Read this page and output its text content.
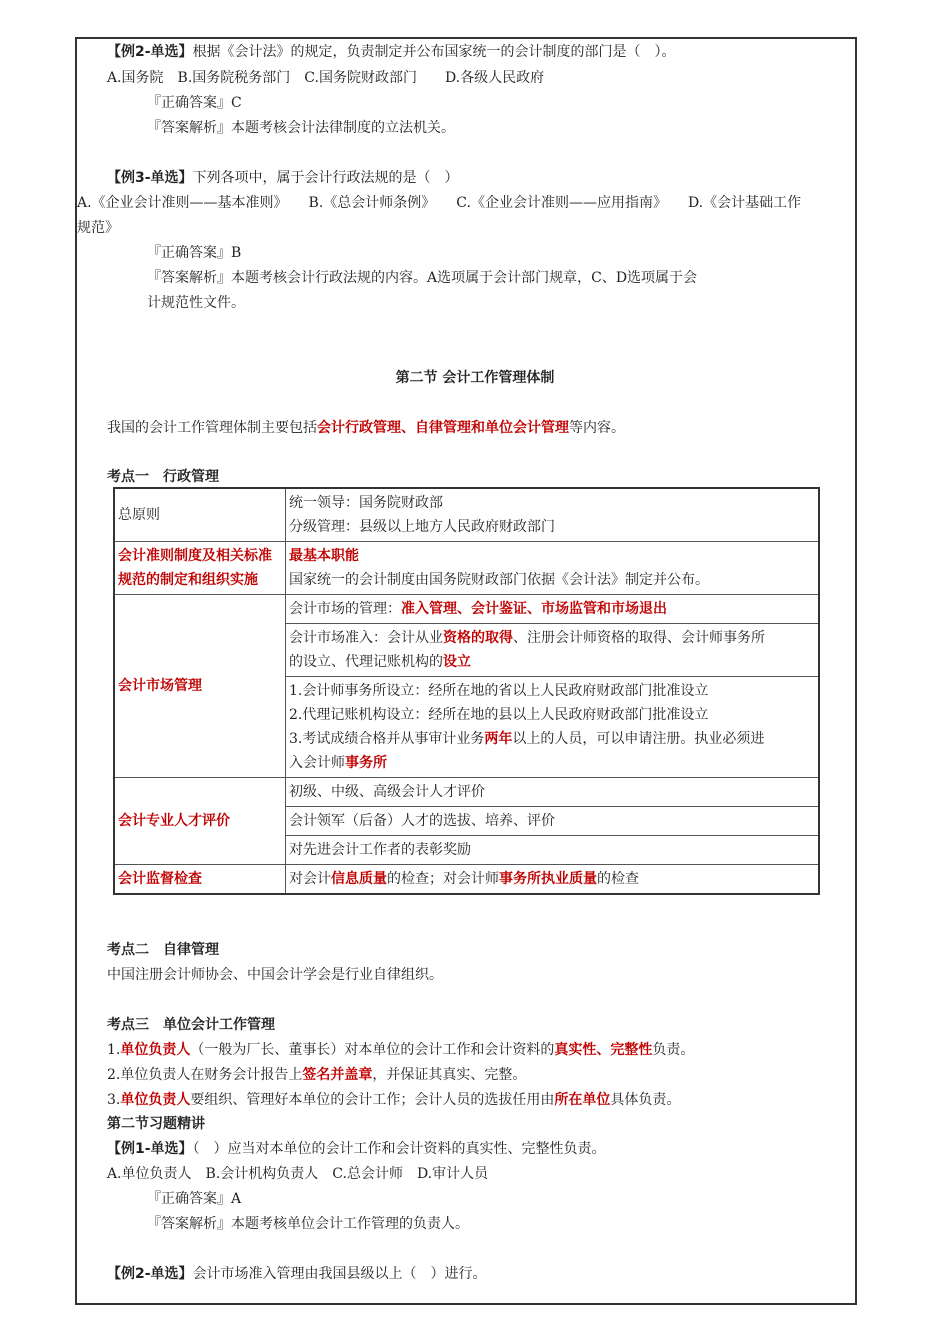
【例2-单选】根据《会计法》的规定，负责制定并公布国家统一的会计制度的部门是（　）。
A.国务院　B.国务院税务部门　C.国务院财政部门　　D.各级人民政府
『正确答案』C
『答案解析』本题考核会计法律制度的立法机关。
【例3-单选】下列各项中，属于会计行政法规的是（　）
A.《企业会计准则——基本准则》　　B.《总会计师条例》　　C.《企业会计准则——应用指南》　　D.《会计基础工作
规范》
『正确答案』B
『答案解析』本题考核会计行政法规的内容。A选项属于会计部门规章，C、D选项属于会
计规范性文件。
第二节 会计工作管理体制
我国的会计工作管理体制主要包括会计行政管理、自律管理和单位会计管理等内容。
考点一　行政管理
总原则	统一领导：国务院财政部
分级管理：县级以上地方人民政府财政部门

会计准则制度及相关标准规范的制定和组织实施	最基本职能
国家统一的会计制度由国务院财政部门依据《会计法》制定并公布。

会计市场管理	会计市场的管理：准入管理、会计鉴证、市场监管和市场退出

	会计市场准入：会计从业资格的取得、注册会计师资格的取得、会计师事务所
的设立、代理记账机构的设立

	1.会计师事务所设立：经所在地的省以上人民政府财政部门批准设立
2.代理记账机构设立：经所在地的县以上人民政府财政部门批准设立
3.考试成绩合格并从事审计业务两年以上的人员，可以申请注册。执业必须进
入会计师事务所

会计专业人才评价	初级、中级、高级会计人才评价
	会计领军（后备）人才的选拔、培养、评价
	对先进会计工作者的表彰奖励
会计监督检查	对会计信息质量的检查；对会计师事务所执业质量的检查
考点二　自律管理
中国注册会计师协会、中国会计学会是行业自律组织。
考点三　单位会计工作管理
1.单位负责人（一般为厂长、董事长）对本单位的会计工作和会计资料的真实性、完整性负责。
2.单位负责人在财务会计报告上签名并盖章，并保证其真实、完整。
3.单位负责人要组织、管理好本单位的会计工作；会计人员的选拔任用由所在单位具体负责。
第二节习题精讲
【例1-单选】（　）应当对本单位的会计工作和会计资料的真实性、完整性负责。
A.单位负责人　B.会计机构负责人　C.总会计师　D.审计人员
『正确答案』A
『答案解析』本题考核单位会计工作管理的负责人。
【例2-单选】会计市场准入管理由我国县级以上（　）进行。
